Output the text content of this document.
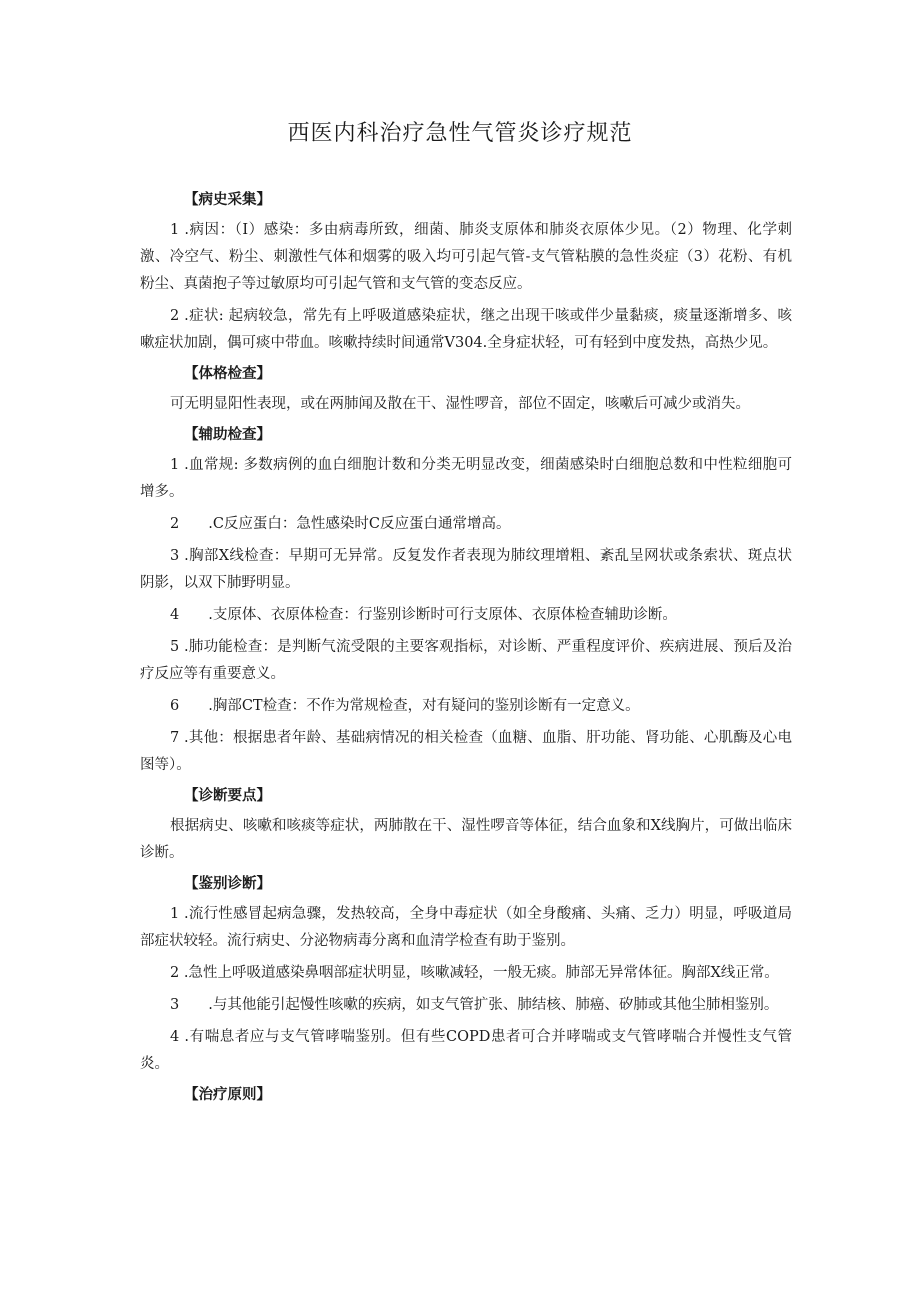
西医内科治疗急性气管炎诊疗规范
【病史采集】

1 .病因：（I）感染：多由病毒所致，细菌、肺炎支原体和肺炎衣原体少见。（2）物理、化学刺激、冷空气、粉尘、刺激性气体和烟雾的吸入均可引起气管-支气管粘膜的急性炎症（3）花粉、有机粉尘、真菌抱子等过敏原均可引起气管和支气管的变态反应。

2 .症状: 起病较急，常先有上呼吸道感染症状，继之出现干咳或伴少量黏痰，痰量逐渐增多、咳嗽症状加剧，偶可痰中带血。咳嗽持续时间通常V304.全身症状轻，可有轻到中度发热，高热少见。

【体格检查】

可无明显阳性表现，或在两肺闻及散在干、湿性啰音，部位不固定，咳嗽后可减少或消失。

【辅助检查】

1 .血常规: 多数病例的血白细胞计数和分类无明显改变，细菌感染时白细胞总数和中性粒细胞可增多。

2　　.C反应蛋白：急性感染时C反应蛋白通常增高。

3 .胸部X线检查：早期可无异常。反复发作者表现为肺纹理增粗、紊乱呈网状或条索状、斑点状阴影，以双下肺野明显。

4　　.支原体、衣原体检查：行鉴别诊断时可行支原体、衣原体检查辅助诊断。

5 .肺功能检查：是判断气流受限的主要客观指标，对诊断、严重程度评价、疾病进展、预后及治疗反应等有重要意义。

6　　.胸部CT检查：不作为常规检查，对有疑问的鉴别诊断有一定意义。

7 .其他：根据患者年龄、基础病情况的相关检查（血糖、血脂、肝功能、肾功能、心肌酶及心电图等）。

【诊断要点】

根据病史、咳嗽和咳痰等症状，两肺散在干、湿性啰音等体征，结合血象和X线胸片，可做出临床诊断。

【鉴别诊断】

1 .流行性感冒起病急骤，发热较高，全身中毒症状（如全身酸痛、头痛、乏力）明显，呼吸道局部症状较轻。流行病史、分泌物病毒分离和血清学检查有助于鉴别。

2 .急性上呼吸道感染鼻咽部症状明显，咳嗽减轻，一般无痰。肺部无异常体征。胸部X线正常。

3　　.与其他能引起慢性咳嗽的疾病，如支气管扩张、肺结核、肺癌、矽肺或其他尘肺相鉴别。

4 .有喘息者应与支气管哮喘鉴别。但有些COPD患者可合并哮喘或支气管哮喘合并慢性支气管炎。

【治疗原则】
